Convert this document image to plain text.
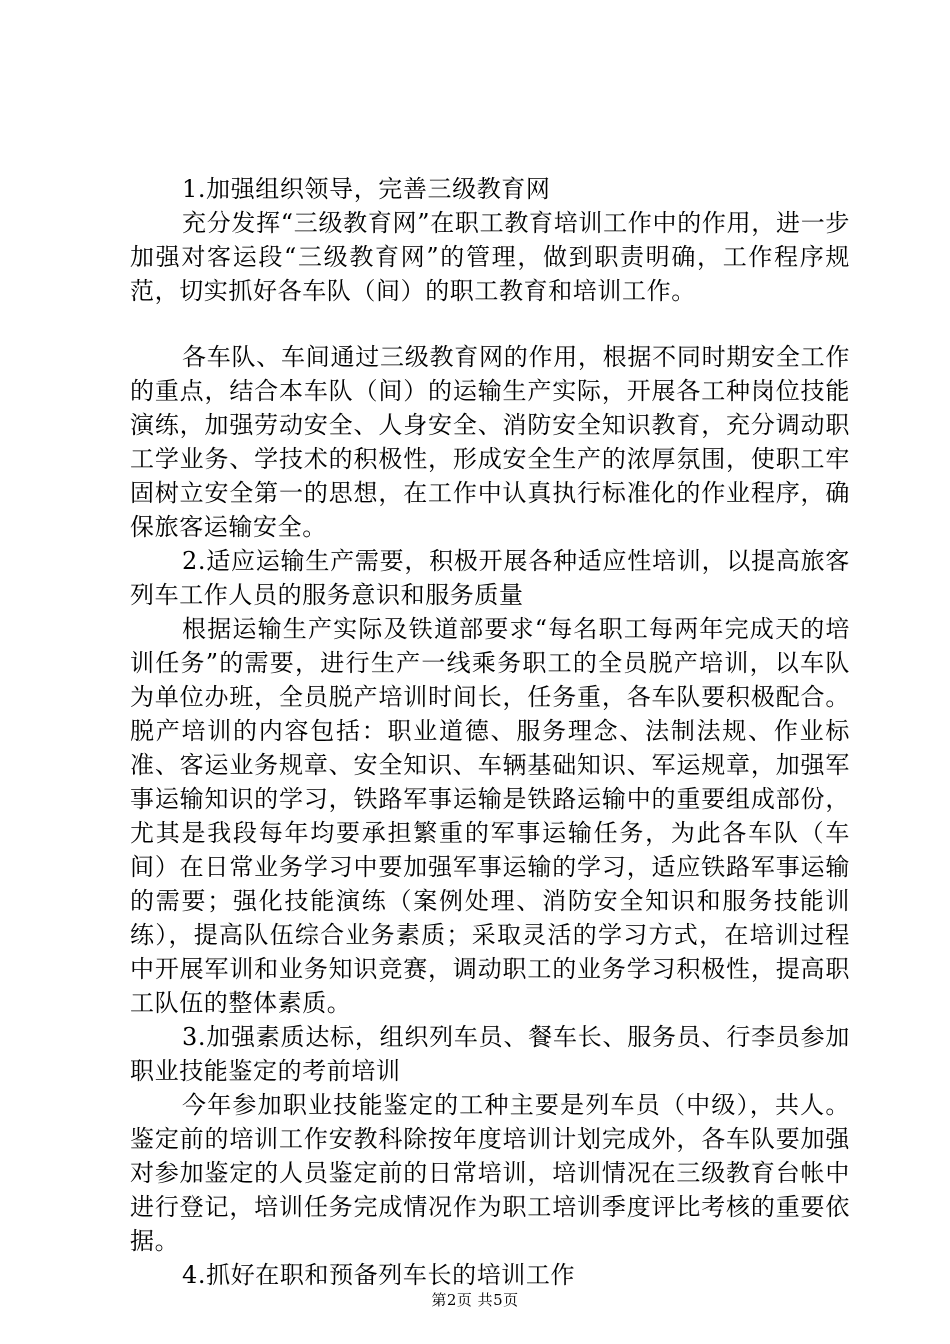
1.加强组织领导，完善三级教育网

充分发挥“三级教育网”在职工教育培训工作中的作用，进一步加强对客运段“三级教育网”的管理，做到职责明确，工作程序规范，切实抓好各车队（间）的职工教育和培训工作。

各车队、车间通过三级教育网的作用，根据不同时期安全工作的重点，结合本车队（间）的运输生产实际，开展各工种岗位技能演练，加强劳动安全、人身安全、消防安全知识教育，充分调动职工学业务、学技术的积极性，形成安全生产的浓厚氛围，使职工牢固树立安全第一的思想，在工作中认真执行标准化的作业程序，确保旅客运输安全。

2.适应运输生产需要，积极开展各种适应性培训，以提高旅客列车工作人员的服务意识和服务质量

根据运输生产实际及铁道部要求“每名职工每两年完成天的培训任务”的需要，进行生产一线乘务职工的全员脱产培训，以车队为单位办班，全员脱产培训时间长，任务重，各车队要积极配合。脱产培训的内容包括：职业道德、服务理念、法制法规、作业标准、客运业务规章、安全知识、车辆基础知识、军运规章，加强军事运输知识的学习，铁路军事运输是铁路运输中的重要组成部份，尤其是我段每年均要承担繁重的军事运输任务，为此各车队（车间）在日常业务学习中要加强军事运输的学习，适应铁路军事运输的需要；强化技能演练（案例处理、消防安全知识和服务技能训练），提高队伍综合业务素质；采取灵活的学习方式，在培训过程中开展军训和业务知识竞赛，调动职工的业务学习积极性，提高职工队伍的整体素质。

3.加强素质达标，组织列车员、餐车长、服务员、行李员参加职业技能鉴定的考前培训

今年参加职业技能鉴定的工种主要是列车员（中级），共人。鉴定前的培训工作安教科除按年度培训计划完成外，各车队要加强对参加鉴定的人员鉴定前的日常培训，培训情况在三级教育台帐中进行登记，培训任务完成情况作为职工培训季度评比考核的重要依据。

4.抓好在职和预备列车长的培训工作

第2页 共5页
